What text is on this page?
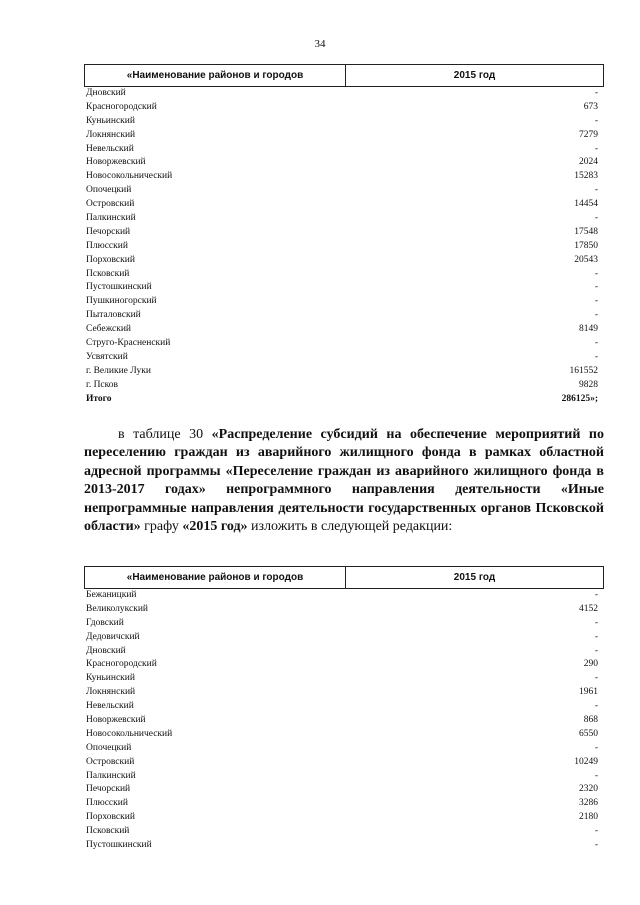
34
«Наименование районов и городов	2015 год
Дновский	-
Красногородский	673
Куньинский	-
Локнянский	7279
Невельский	-
Новоржевский	2024
Новосокольнический	15283
Опочецкий	-
Островский	14454
Палкинский	-
Печорский	17548
Плюсский	17850
Порховский	20543
Псковский	-
Пустошкинский	-
Пушкиногорский	-
Пыталовский	-
Себежский	8149
Струго-Красненский	-
Усвятский	-
г. Великие Луки	161552
г. Псков	9828
Итого	286125»;
в таблице 30 «Распределение субсидий на обеспечение мероприятий по переселению граждан из аварийного жилищного фонда в рамках областной адресной программы «Переселение граждан из аварийного жилищного фонда в 2013-2017 годах» непрограммного направления деятельности «Иные непрограммные направления деятельности государственных органов Псковской области» графу «2015 год» изложить в следующей редакции:
«Наименование районов и городов	2015 год
Бежаницкий	-
Великолукский	4152
Гдовский	-
Дедовичский	-
Дновский	-
Красногородский	290
Куньинский	-
Локнянский	1961
Невельский	-
Новоржевский	868
Новосокольнический	6550
Опочецкий	-
Островский	10249
Палкинский	-
Печорский	2320
Плюсский	3286
Порховский	2180
Псковский	-
Пустошкинский	-
